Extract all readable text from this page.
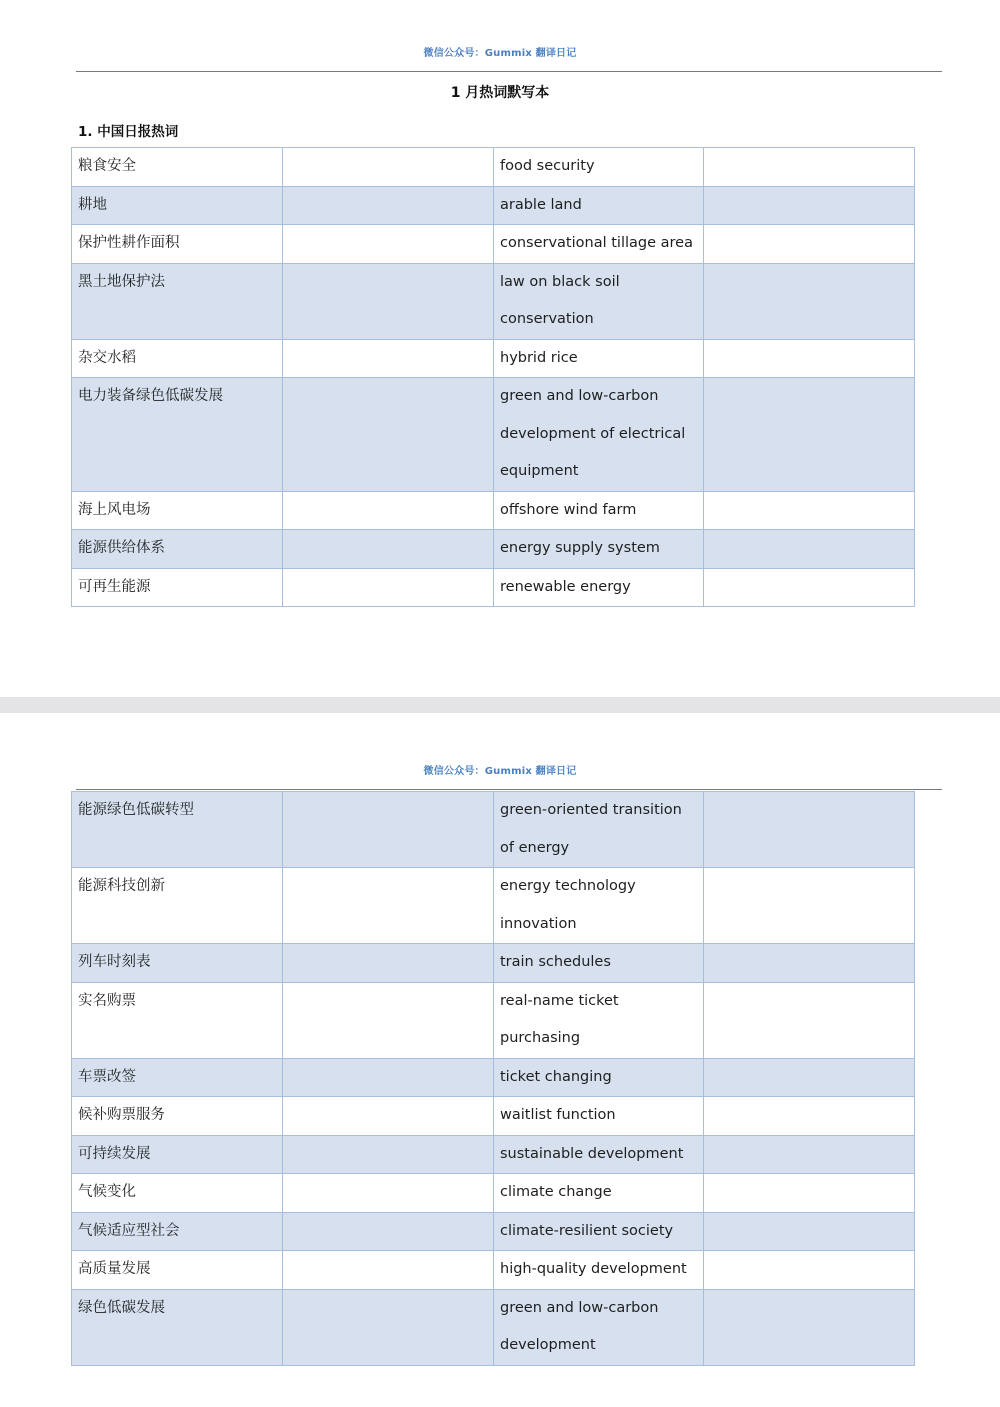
微信公众号：Gummix 翻译日记
1 月热词默写本
1. 中国日报热词
粮食安全		food security	
耕地		arable land	
保护性耕作面积		conservational tillage area	
黑土地保护法		law on black soil conservation	
杂交水稻		hybrid rice	
电力装备绿色低碳发展		green and low-carbon development of electrical equipment	
海上风电场		offshore wind farm	
能源供给体系		energy supply system	
可再生能源		renewable energy	
微信公众号：Gummix 翻译日记
能源绿色低碳转型		green-oriented transition of energy	
能源科技创新		energy technology innovation	
列车时刻表		train schedules	
实名购票		real-name ticket purchasing	
车票改签		ticket changing	
候补购票服务		waitlist function	
可持续发展		sustainable development	
气候变化		climate change	
气候适应型社会		climate-resilient society	
高质量发展		high-quality development	
绿色低碳发展		green and low-carbon development	
